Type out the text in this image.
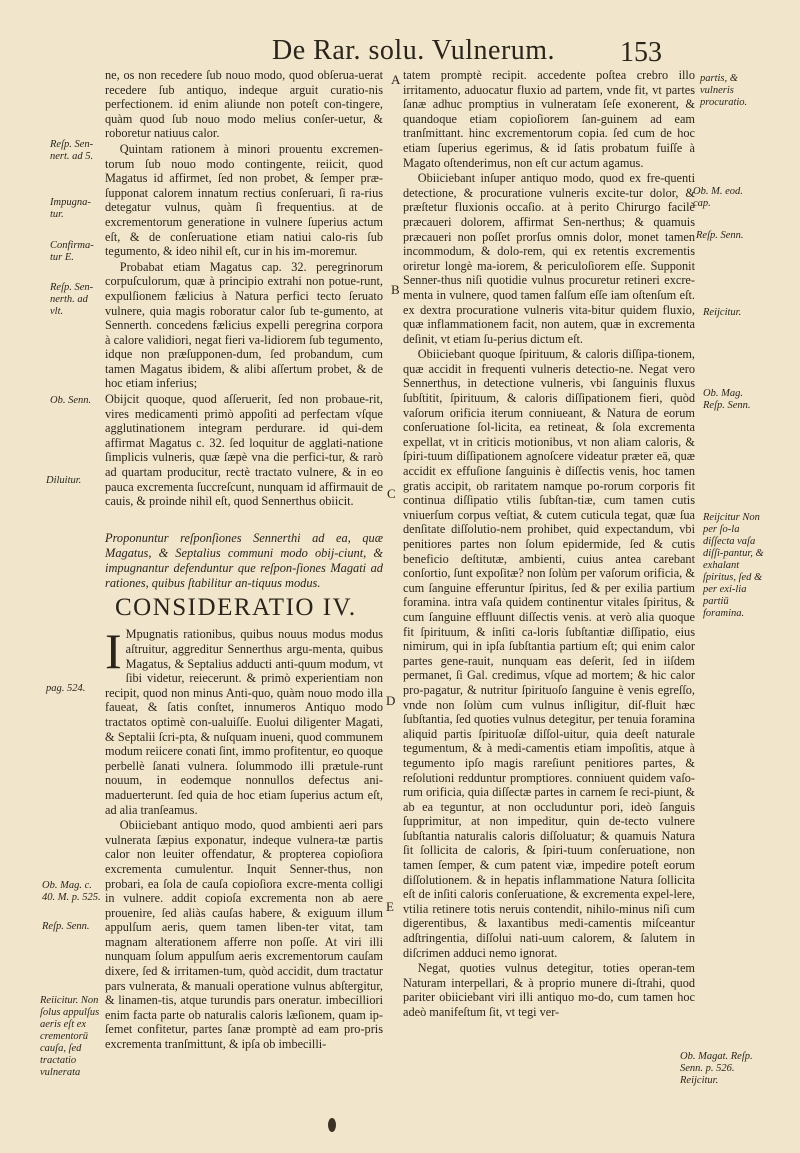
De Rar. solu. Vulnerum. 153

ne, os non recedere ſub nouo modo, quod obſerua-uerat recedere ſub antiquo, indeque arguit curatio-nis perfectionem. id enim aliunde non poteſt con-tingere, quàm quod ſub nouo modo melius conſer-uetur, & roboretur natiuus calor.

Quintam rationem à minori prouentu excremen-torum ſub nouo modo contingente, reiicit, quod Magatus id affirmet, ſed non probet, & ſemper præ-ſupponat calorem innatum rectius conſeruari, ſi ra-rius detegatur vulnus, quàm ſi frequentius. at de excrementorum generatione in vulnere ſuperius actum eſt, & de conſeruatione etiam natiui calo-ris ſub tegumento, & ideo nihil eſt, cur in his im-moremur.

Probabat etiam Magatus cap. 32. peregrinorum corpuſculorum, quæ à principio extrahi non potue-runt, expulſionem fælicius à Natura perfici tecto ſeruato vulnere, quia magis roboratur calor ſub te-gumento, at Sennerth. concedens fælicius expelli peregrina corpora à calore validiori, negat fieri va-lidiorem ſub tegumento, idque non præſupponen-dum, ſed probandum, cum tamen Magatus ibidem, & alibi aſſertum probet, & de hoc etiam inferius;

Obijcit quoque, quod aſſeruerit, ſed non probaue-rit, vires medicamenti primò appoſiti ad perfectam vſque agglutinationem integram perdurare. id qui-dem affirmat Magatus c. 32. ſed loquitur de agglati-natione ſimplicis vulneris, quæ ſæpè vna die perfici-tur, & rarò ad quartam producitur, rectè tractato vulnere, & in eo pauca excrementa ſuccreſcunt, nunquam id affirmauit de cauis, & proinde nihil eſt, quod Sennerthus obiicit.

Proponuntur reſponſiones Sennerthi ad ea, quæ Magatus, & Septalius communi modo obij-ciunt, & impugnantur defenduntur que reſpon-ſiones Magati ad rationes, quibus ſtabilitur an-tiquus modus.

CONSIDERATIO IV.

I Mpugnatis rationibus, quibus nouus modus modus aſtruitur, aggreditur Sennerthus argu-menta, quibus Magatus, & Septalius adducti anti-quum modum, vt ſibi videtur, reiecerunt. & primò experientiam non recipit, quod non minus Anti-quo, quàm nouo modo illa faueat, & ſatis conſtet, innumeros Antiquo modo tractatos optimè con-ualuiſſe. Euolui diligenter Magati, & Septalii ſcri-pta, & nuſquam inueni, quod communem modum reiicere conati ſint, immo profitentur, eo quoque perbellè ſanati vulnera. ſolummodo illi prætule-runt nouum, in eodemque nonnullos defectus ani-maduerterunt. ſed quia de hoc etiam ſuperius actum eſt, ad alia tranſeamus.

Obiiciebant antiquo modo, quod ambienti aeri pars vulnerata ſæpius exponatur, indeque vulnera-tæ partis calor non leuiter offendatur, & propterea copioſiora excrementa cumulentur. Inquit Senner-thus, non probari, ea ſola de cauſa copioſiora excre-menta colligi in vulnere. addit copioſa excrementa non ab aere prouenire, ſed aliàs cauſas habere, & exiguum illum appulſum aeris, quem tamen liben-ter vitat, tam magnam alterationem afferre non poſſe. At viri illi nunquam ſolum appulſum aeris excrementorum cauſam dixere, ſed & irritamen-tum, quòd accidit, dum tractatur pars vulnerata, & manuali operatione vulnus abſtergitur, & linamen-tis, atque turundis pars oneratur. imbecilliori enim facta parte ob naturalis caloris læſionem, quam ip-ſemet confitetur, partes ſanæ promptè ad eam pro-pris excrementa tranſmittunt, & ipſa ob imbecilli-

tatem promptè recipit. accedente poſtea crebro illo irritamento, aduocatur fluxio ad partem, vnde fit, vt partes ſanæ adhuc promptius in vulneratam ſeſe exonerent, & quandoque etiam copioſiorem ſan-guinem ad eam tranſmittant. hinc excrementorum copia. ſed cum de hoc etiam ſuperius egerimus, & id ſatis probatum fuiſſe à Magato oſtenderimus, non eſt cur actum agamus.

Obiiciebant inſuper antiquo modo, quod ex fre-quenti detectione, & procuratione vulneris excite-tur dolor, & præſtetur fluxionis occaſio. at à perito Chirurgo facilè præcaueri dolorem, affirmat Sen-nerthus; & quamuis præcaueri non poſſet prorſus omnis dolor, monet tamen incommodum, & dolo-rem, qui ex retentis excrementis oriretur longè ma-iorem, & periculoſiorem eſſe. Supponit Senner-thus niſi quotidie vulnus procuretur retineri excre-menta in vulnere, quod tamen falſum eſſe iam oſtenſum eſt. ex dextra procuratione vulneris vita-bitur quidem fluxio, quæ inflammationem facit, non autem, quæ in excrementa deſinit, vt etiam ſu-perius dictum eſt.

Obiiciebant quoque ſpirituum, & caloris diſſipa-tionem, quæ accidit in frequenti vulneris detectio-ne. Negat vero Sennerthus, in detectione vulneris, vbi ſanguinis fluxus ſubſtitit, ſpirituum, & caloris diſſipationem fieri, quòd vaſorum orificia iterum conniueant, & Natura de eorum conſeruatione ſol-licita, ea retineat, & ſola excrementa expellat, vt in criticis motionibus, vt non aliam caloris, & ſpiri-tuum diſſipationem agnoſcere videatur præter eā, quæ accidit ex effuſione ſanguinis è diſſectis venis, hoc tamen gratis accipit, ob raritatem namque po-rorum corporis fit continua diſſipatio vtilis ſubſtan-tiæ, cum tamen cutis vniuerſum corpus veſtiat, & cutem cuticula tegat, quæ ſua denſitate diſſolutio-nem prohibet, quid expectandum, vbi penitiores partes non ſolum epidermide, ſed & cutis beneficio deſtitutæ, ambienti, cuius antea carebant conſortio, ſunt expoſitæ? non ſolùm per vaſorum orificia, & cum ſanguine efferuntur ſpiritus, ſed & per exilia partium foramina. intra vaſa quidem continentur vitales ſpiritus, & cum ſanguine effluunt diſſectis venis. at verò alia quoque fit ſpirituum, & inſiti ca-loris ſubſtantiæ diſſipatio, eius nimirum, qui in ipſa ſubſtantia partium eſt; qui enim calor partes gene-rauit, nunquam eas deſerit, ſed in iiſdem permanet, ſi Gal. credimus, vſque ad mortem; & hic calor pro-pagatur, & nutritur ſpirituoſo ſanguine è venis egreſſo, vnde non ſolùm cum vulnus inſligitur, diſ-fluit hæc ſubſtantia, ſed quoties vulnus detegitur, per tenuia foramina aliquid partis ſpirituoſæ diſſol-uitur, quia deeſt naturale tegumentum, & à medi-camentis etiam impoſitis, atque à tegumento ipſo magis rareſiunt penitiores partes, & reſolutioni redduntur promptiores. conniuent quidem vaſo-rum orificia, quia diſſectæ partes in carnem ſe reci-piunt, & ab ea teguntur, at non occluduntur pori, ideò ſanguis ſupprimitur, at non impeditur, quin de-tecto vulnere ſubſtantia naturalis caloris diſſoluatur; & quamuis Natura ſit ſollicita de caloris, & ſpiri-tuum conſeruatione, non tamen ſemper, & cum patent viæ, impedire poteſt eorum diſſolutionem. & in hepatis inflammatione Natura ſollicita eſt de inſiti caloris conſeruatione, & excrementa expel-lere, vtilia retinere totis neruis contendit, nihilo-minus niſi cum digerentibus, & laxantibus medi-camentis miſceantur adſtringentia, diſſolui nati-uum calorem, & ſalutem in diſcrimen adduci nemo ignorat.

Negat, quoties vulnus detegitur, toties operan-tem Naturam interpellari, & à proprio munere di-ſtrahi, quod pariter obiiciebant viri illi antiquo mo-do, cum tamen hoc adeò manifeſtum ſit, vt tegi ver-

Reſp. Sen-nert. ad 5.
Impugna-tur.
Confirma-tur E.
Reſp. Sen-nerth. ad vlt.
Ob. Senn.
Diluitur.
pag. 524.
Ob. Mag. c. 40. M. p. 525.
Reſp. Senn.
Reiicitur. Non ſolus appulſus aeris eſt ex crementorū cauſa, ſed tractatio vulnerata
partis, & vulneris procuratio.
Ob. M. eod. cap.
Reſp. Senn.
Reijcitur.
Ob. Mag. Reſp. Senn.
Reijcitur Non per ſo-la diſſecta vaſa diſſi-pantur, & exhalant ſpiritus, ſed & per exi-lia partiū foramina.
Ob. Magat. Reſp. Senn. p. 526. Reijcitur.
A
B
C
D
E
